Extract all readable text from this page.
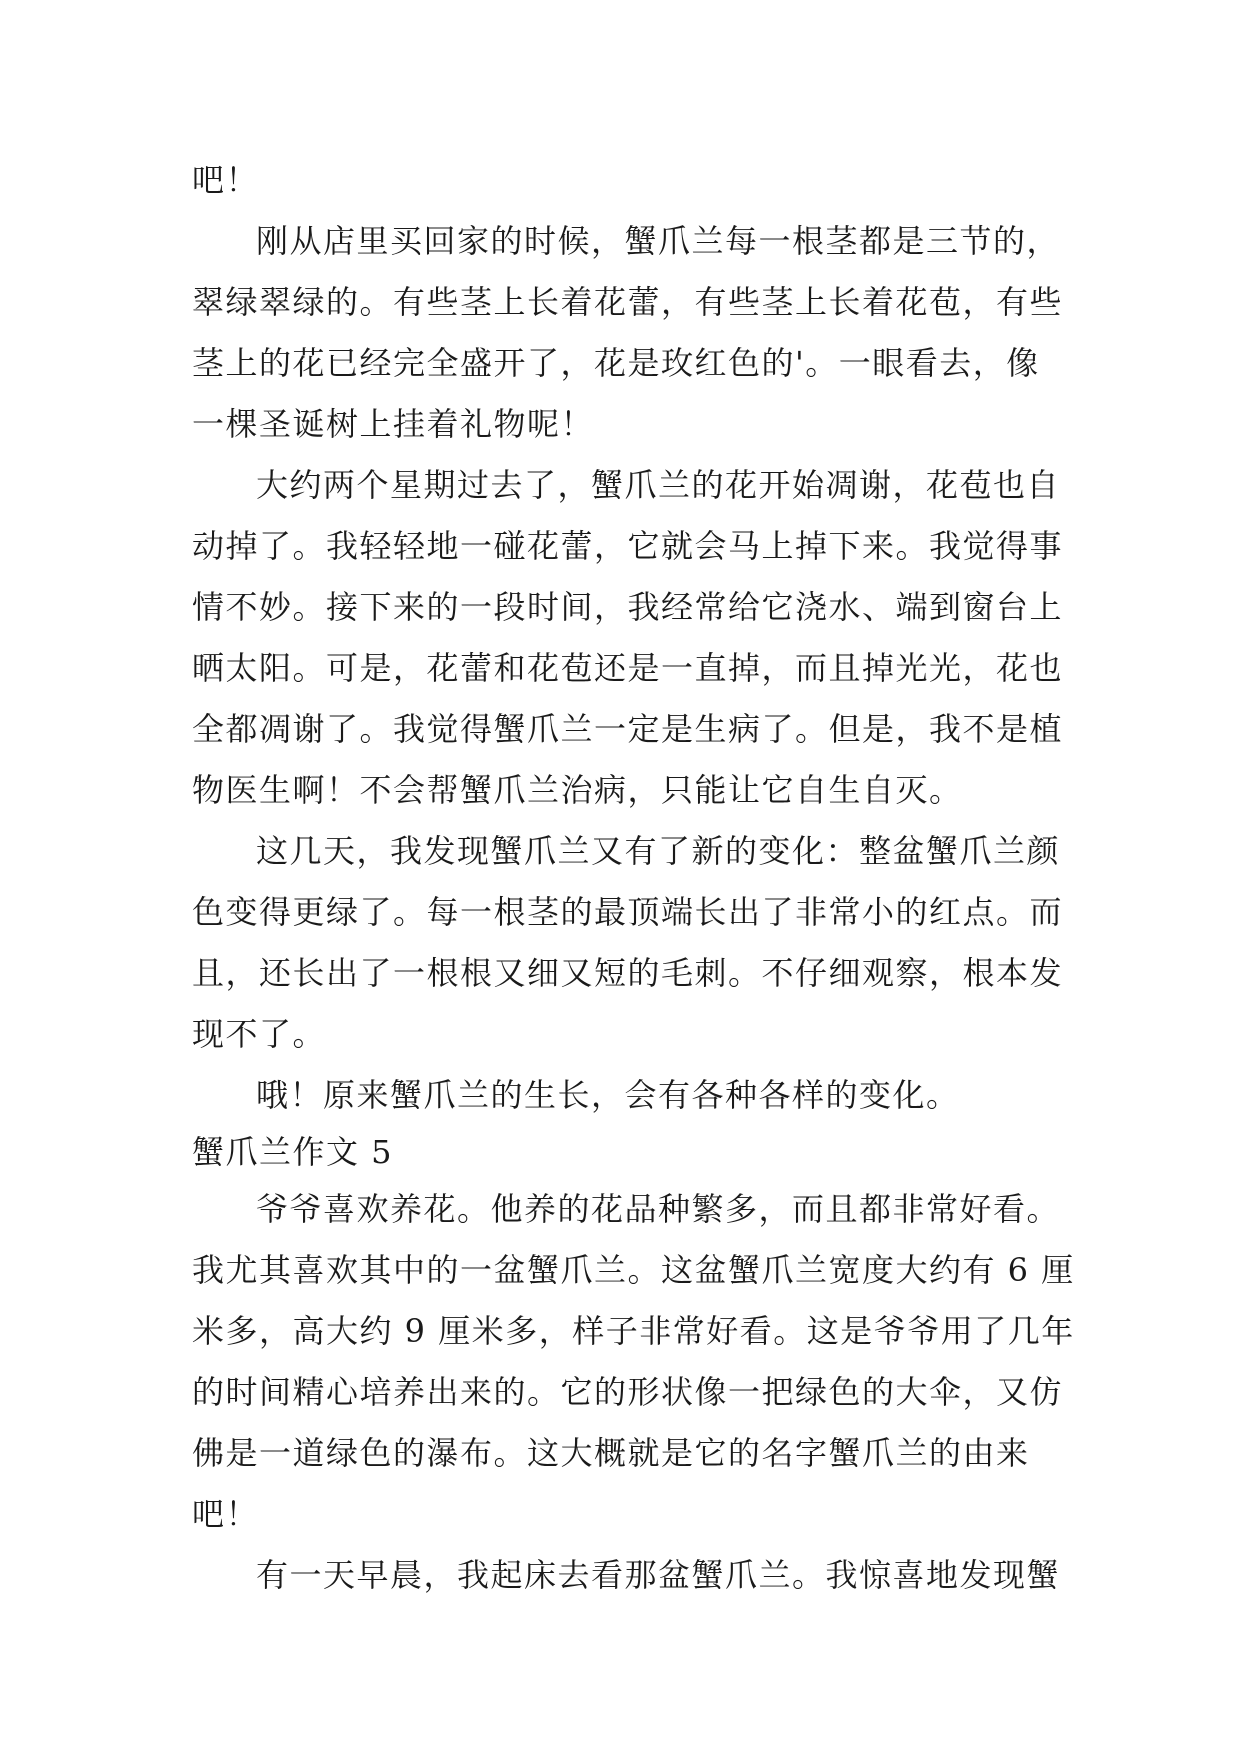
吧！
刚从店里买回家的时候，蟹爪兰每一根茎都是三节的，
翠绿翠绿的。有些茎上长着花蕾，有些茎上长着花苞，有些
茎上的花已经完全盛开了，花是玫红色的'。一眼看去，像
一棵圣诞树上挂着礼物呢！
大约两个星期过去了，蟹爪兰的花开始凋谢，花苞也自
动掉了。我轻轻地一碰花蕾，它就会马上掉下来。我觉得事
情不妙。接下来的一段时间，我经常给它浇水、端到窗台上
晒太阳。可是，花蕾和花苞还是一直掉，而且掉光光，花也
全都凋谢了。我觉得蟹爪兰一定是生病了。但是，我不是植
物医生啊！不会帮蟹爪兰治病，只能让它自生自灭。
这几天，我发现蟹爪兰又有了新的变化：整盆蟹爪兰颜
色变得更绿了。每一根茎的最顶端长出了非常小的红点。而
且，还长出了一根根又细又短的毛刺。不仔细观察，根本发
现不了。
哦！原来蟹爪兰的生长，会有各种各样的变化。
蟹爪兰作文 5
爷爷喜欢养花。他养的花品种繁多，而且都非常好看。
我尤其喜欢其中的一盆蟹爪兰。这盆蟹爪兰宽度大约有 6 厘
米多，高大约 9 厘米多，样子非常好看。这是爷爷用了几年
的时间精心培养出来的。它的形状像一把绿色的大伞，又仿
佛是一道绿色的瀑布。这大概就是它的名字蟹爪兰的由来
吧！
有一天早晨，我起床去看那盆蟹爪兰。我惊喜地发现蟹
